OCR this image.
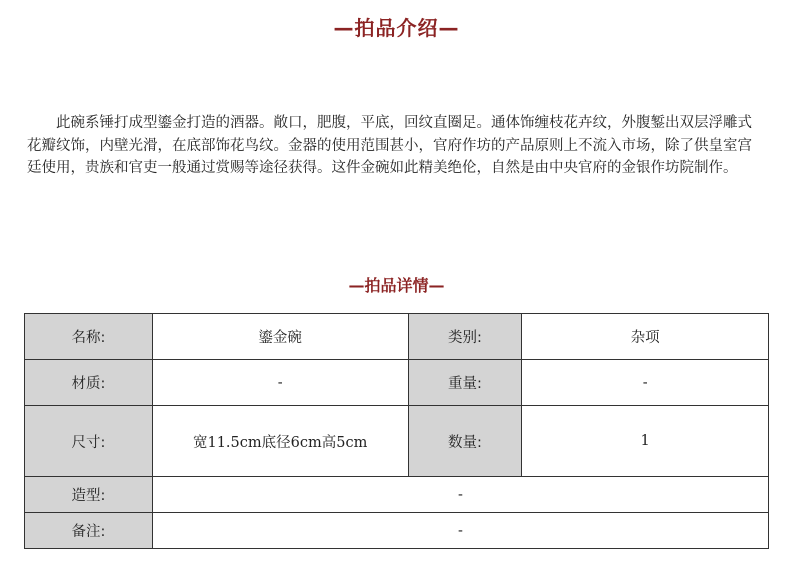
—拍品介绍—

此碗系锤打成型鎏金打造的酒器。敞口，肥腹，平底，回纹直圈足。通体饰缠枝花卉纹，外腹錾出双层浮雕式花瓣纹饰，内壁光滑，在底部饰花鸟纹。金器的使用范围甚小，官府作坊的产品原则上不流入市场，除了供皇室宫廷使用，贵族和官吏一般通过赏赐等途径获得。这件金碗如此精美绝伦，自然是由中央官府的金银作坊院制作。

—拍品详情—
名称:	鎏金碗	类别:	杂项
材质:	-	重量:	-
尺寸:	宽11.5cm底径6cm高5cm	数量:	1
造型:	-		
备注:	-		
